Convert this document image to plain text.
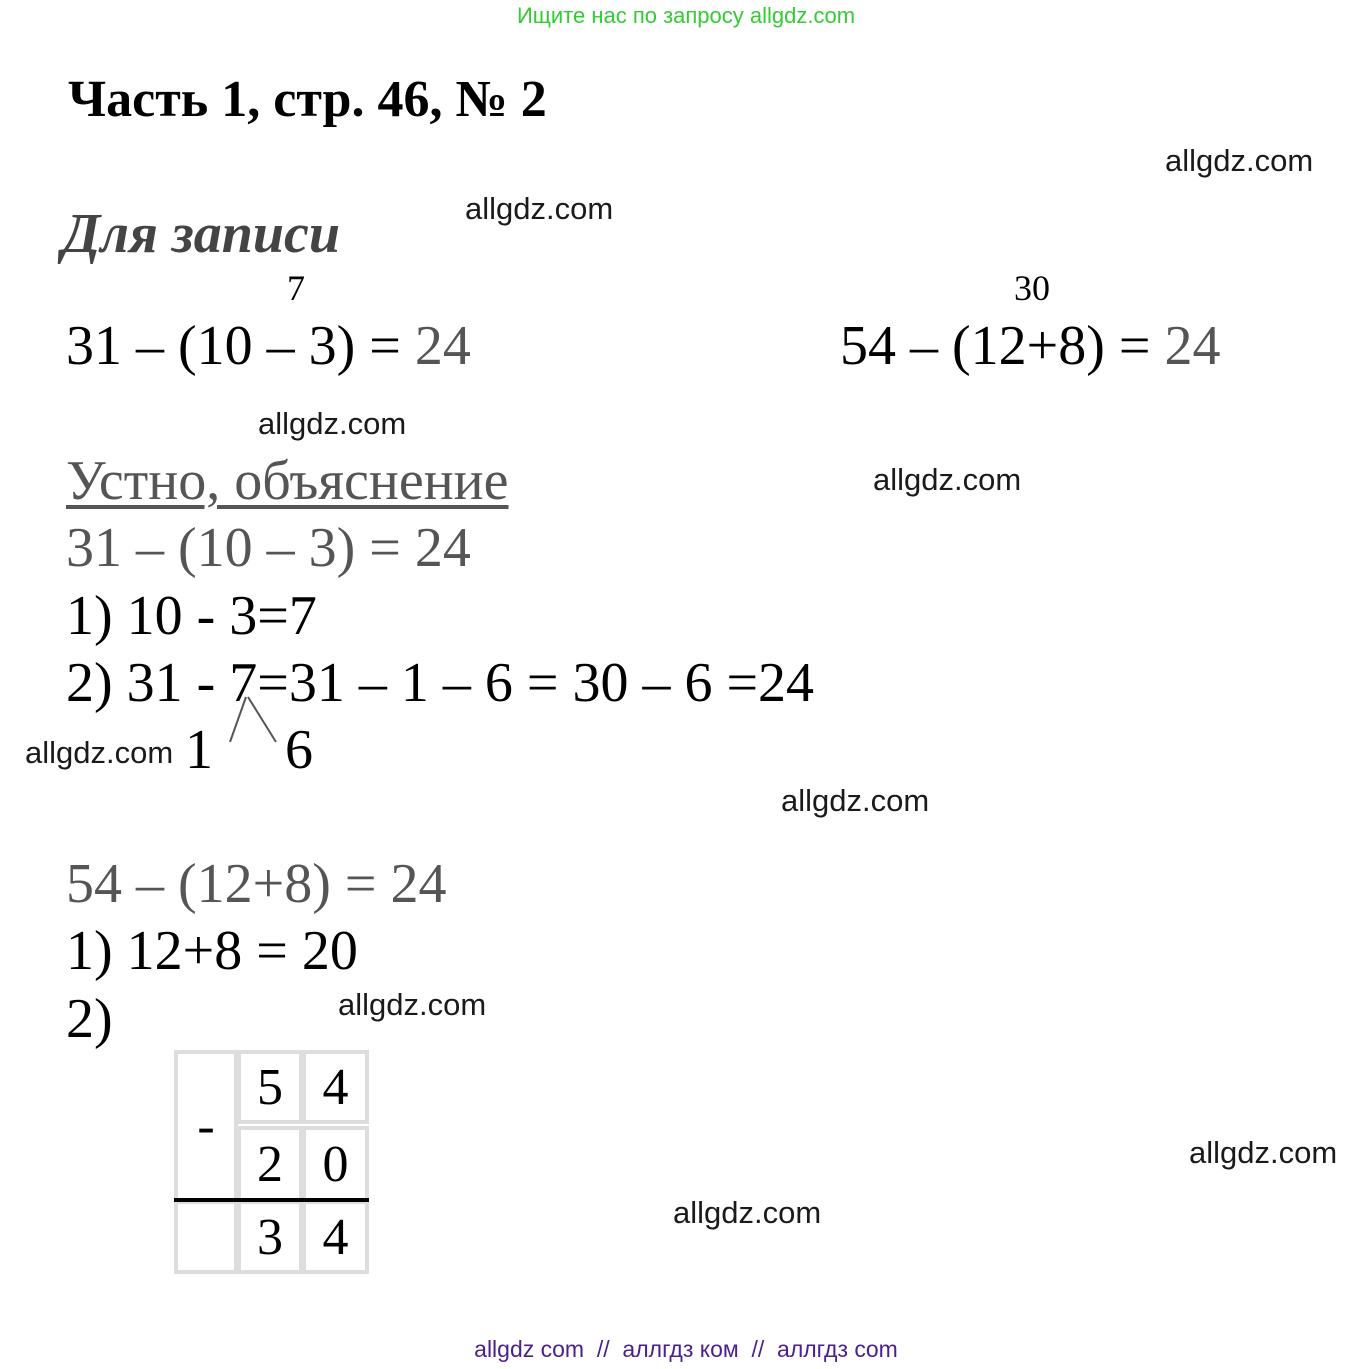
Ищите нас по запросу allgdz.com
Часть 1, стр. 46, № 2
Для записи
7
31 – (10 – 3) = 24
30
54 – (12+8) = 24
Устно, объяснение
31 – (10 – 3) = 24
1) 10 - 3=7
2) 31 - 7=31 – 1 – 6 = 30 – 6 =24
1 6
54 – (12+8) = 24
1) 12+8 = 20
2)
-
5 4
2 0
3 4
allgdz.com
allgdz.com
allgdz.com
allgdz.com
allgdz.com
allgdz.com
allgdz.com
allgdz.com
allgdz.com
allgdz com  //  аллгдз ком  //  аллгдз com
